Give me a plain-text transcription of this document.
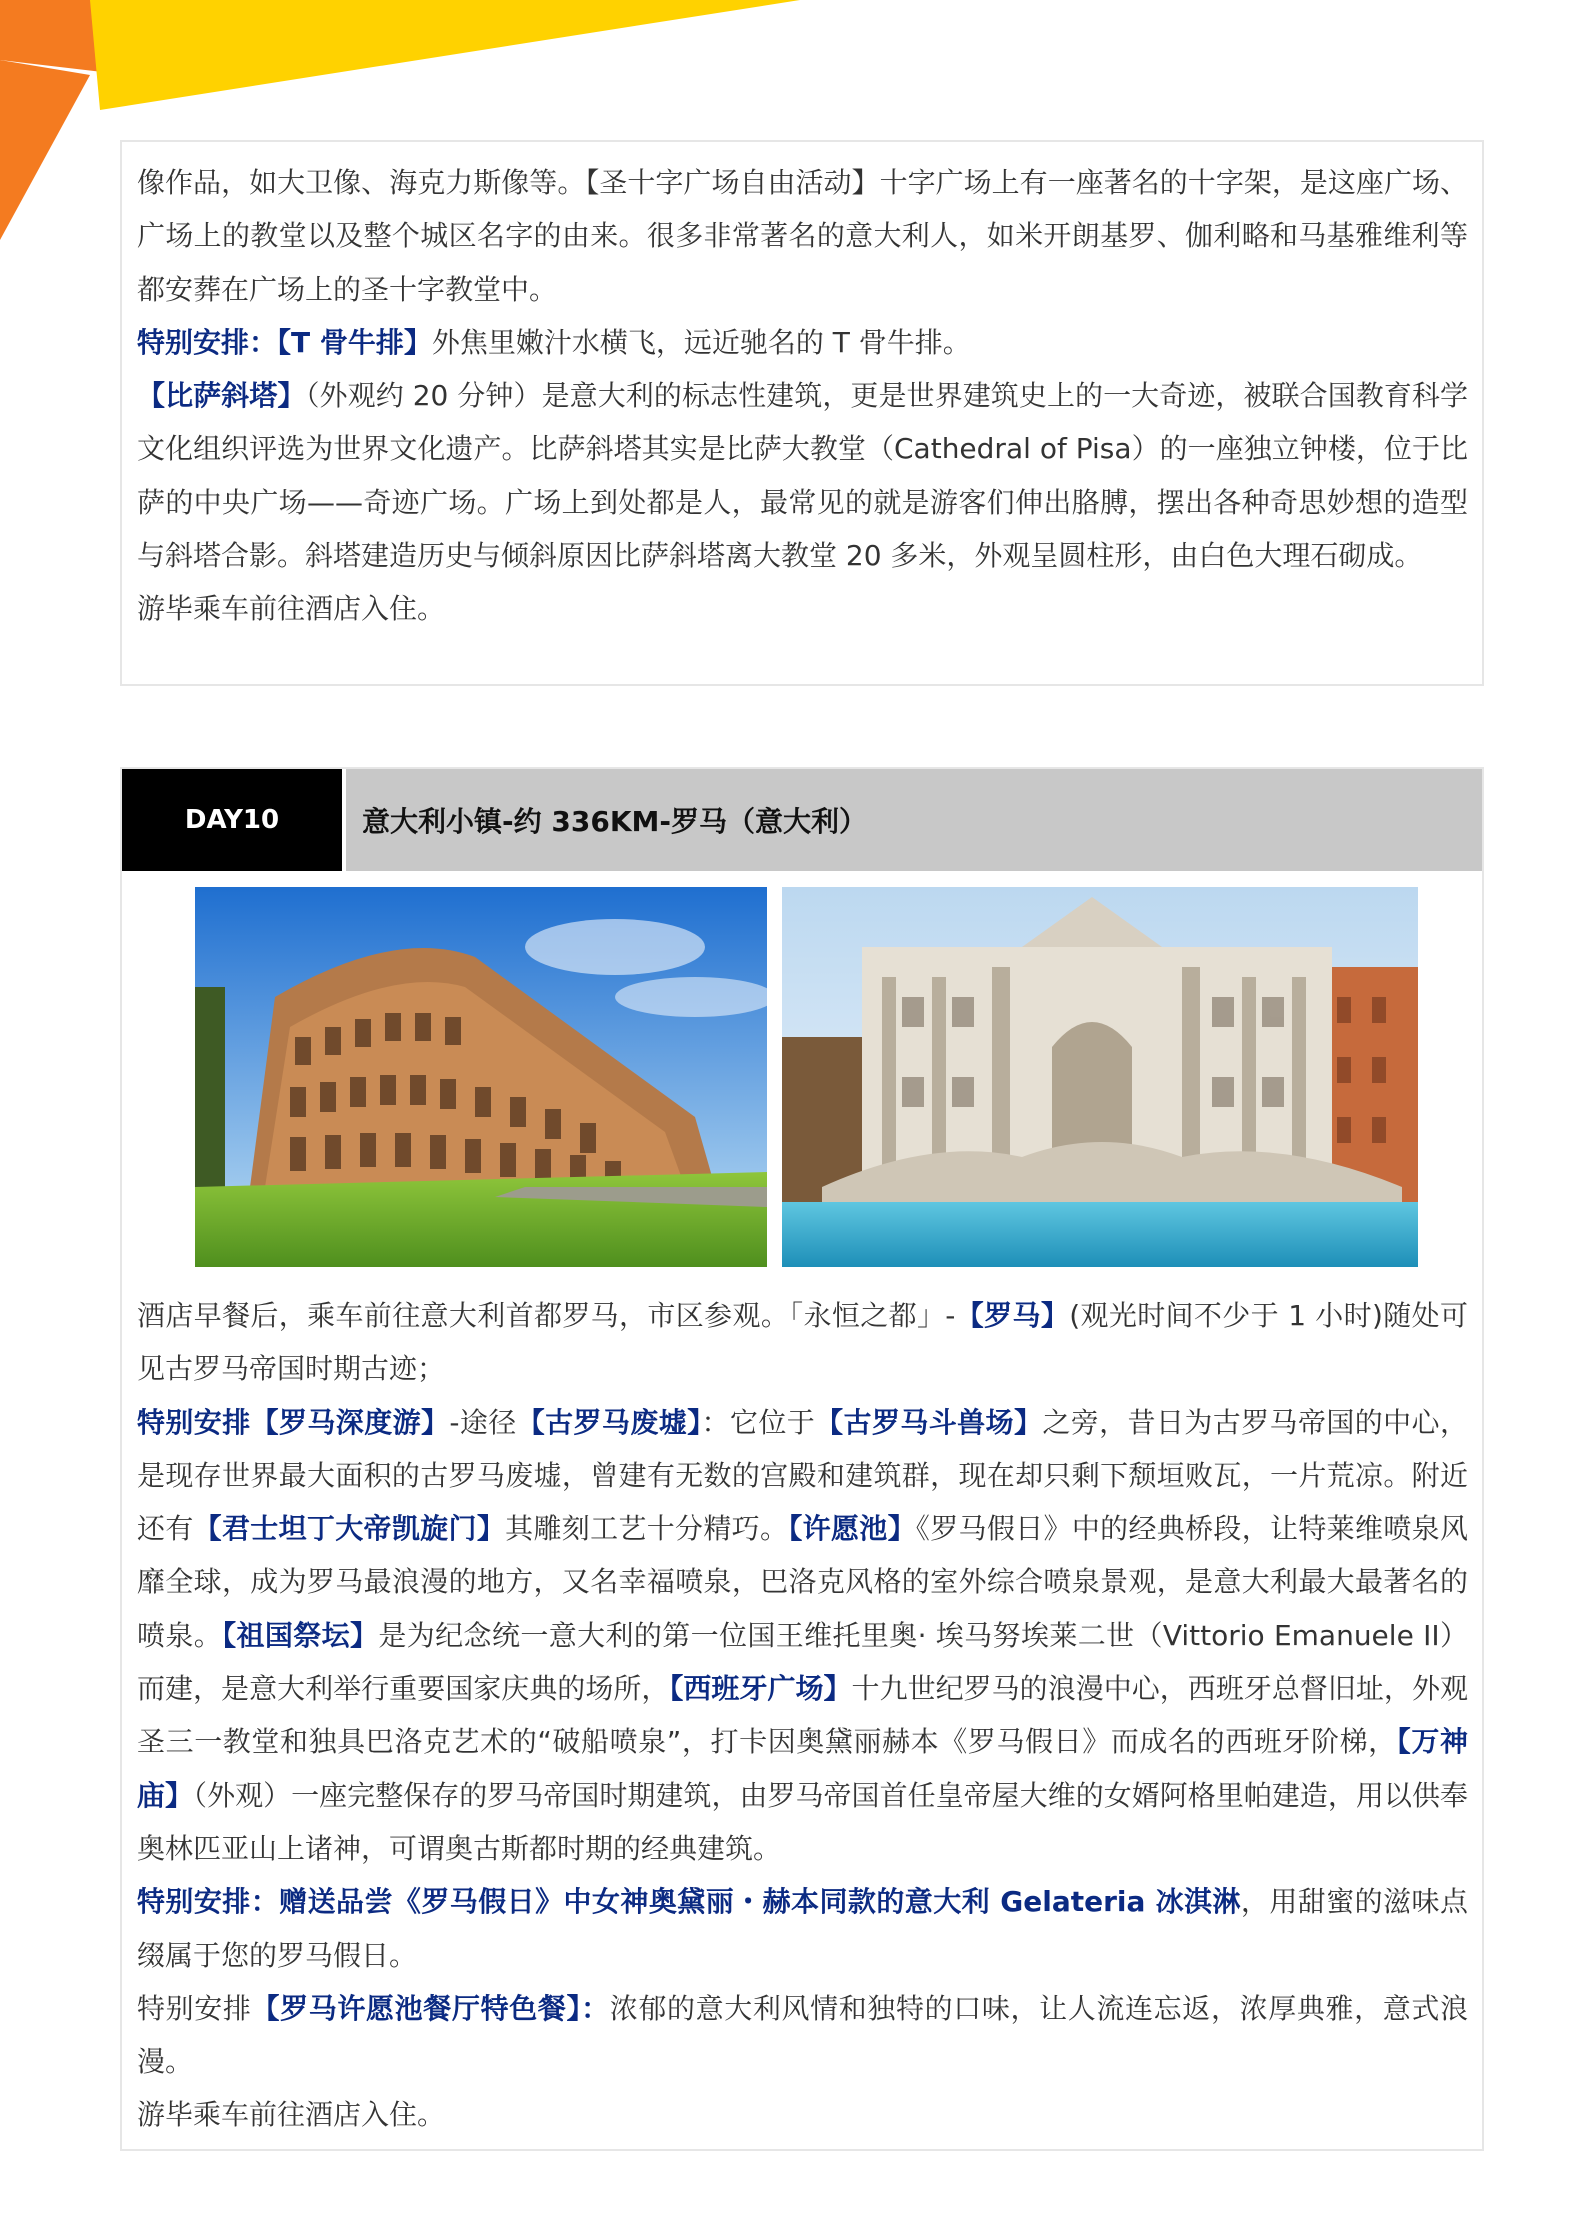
像作品，如大卫像、海克力斯像等。【圣十字广场自由活动】十字广场上有一座著名的十字架，是这座广场、广场上的教堂以及整个城区名字的由来。很多非常著名的意大利人，如米开朗基罗、伽利略和马基雅维利等都安葬在广场上的圣十字教堂中。

特别安排：【T 骨牛排】外焦里嫩汁水横飞，远近驰名的 T 骨牛排。

【比萨斜塔】（外观约 20 分钟）是意大利的标志性建筑，更是世界建筑史上的一大奇迹，被联合国教育科学文化组织评选为世界文化遗产。比萨斜塔其实是比萨大教堂（Cathedral of Pisa）的一座独立钟楼，位于比萨的中央广场——奇迹广场。广场上到处都是人，最常见的就是游客们伸出胳膊，摆出各种奇思妙想的造型与斜塔合影。斜塔建造历史与倾斜原因比萨斜塔离大教堂 20 多米，外观呈圆柱形，由白色大理石砌成。

游毕乘车前往酒店入住。

DAY10	意大利小镇-约 336KM-罗马（意大利）

酒店早餐后，乘车前往意大利首都罗马，市区参观。「永恒之都」-【罗马】(观光时间不少于 1 小时)随处可见古罗马帝国时期古迹；

特别安排【罗马深度游】-途径【古罗马废墟】：它位于【古罗马斗兽场】之旁，昔日为古罗马帝国的中心，是现存世界最大面积的古罗马废墟，曾建有无数的宫殿和建筑群，现在却只剩下颓垣败瓦，一片荒凉。附近还有【君士坦丁大帝凯旋门】其雕刻工艺十分精巧。【许愿池】《罗马假日》中的经典桥段，让特莱维喷泉风靡全球，成为罗马最浪漫的地方，又名幸福喷泉，巴洛克风格的室外综合喷泉景观，是意大利最大最著名的喷泉。【祖国祭坛】是为纪念统一意大利的第一位国王维托里奥· 埃马努埃莱二世（Vittorio Emanuele II）而建，是意大利举行重要国家庆典的场所，【西班牙广场】十九世纪罗马的浪漫中心，西班牙总督旧址，外观圣三一教堂和独具巴洛克艺术的“破船喷泉”，打卡因奥黛丽赫本《罗马假日》而成名的西班牙阶梯，【万神庙】（外观）一座完整保存的罗马帝国时期建筑，由罗马帝国首任皇帝屋大维的女婿阿格里帕建造，用以供奉奥林匹亚山上诸神，可谓奥古斯都时期的经典建筑。

特别安排：赠送品尝《罗马假日》中女神奥黛丽・赫本同款的意大利 Gelateria 冰淇淋，用甜蜜的滋味点缀属于您的罗马假日。

特别安排【罗马许愿池餐厅特色餐】：浓郁的意大利风情和独特的口味，让人流连忘返，浓厚典雅，意式浪漫。

游毕乘车前往酒店入住。
